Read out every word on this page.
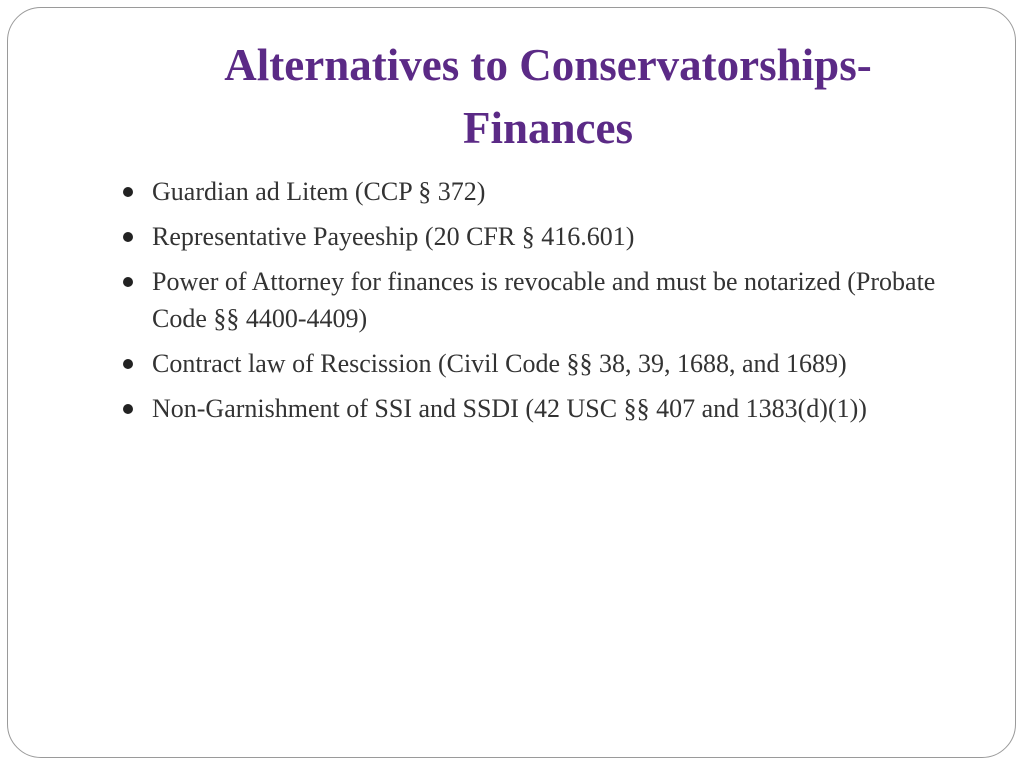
Alternatives to Conservatorships-
Finances
Guardian ad Litem (CCP § 372)
Representative Payeeship (20 CFR § 416.601)
Power of Attorney for finances is revocable and must be notarized (Probate Code §§ 4400-4409)
Contract law of Rescission (Civil Code §§ 38, 39, 1688, and 1689)
Non-Garnishment of SSI and SSDI (42 USC §§ 407 and 1383(d)(1))
